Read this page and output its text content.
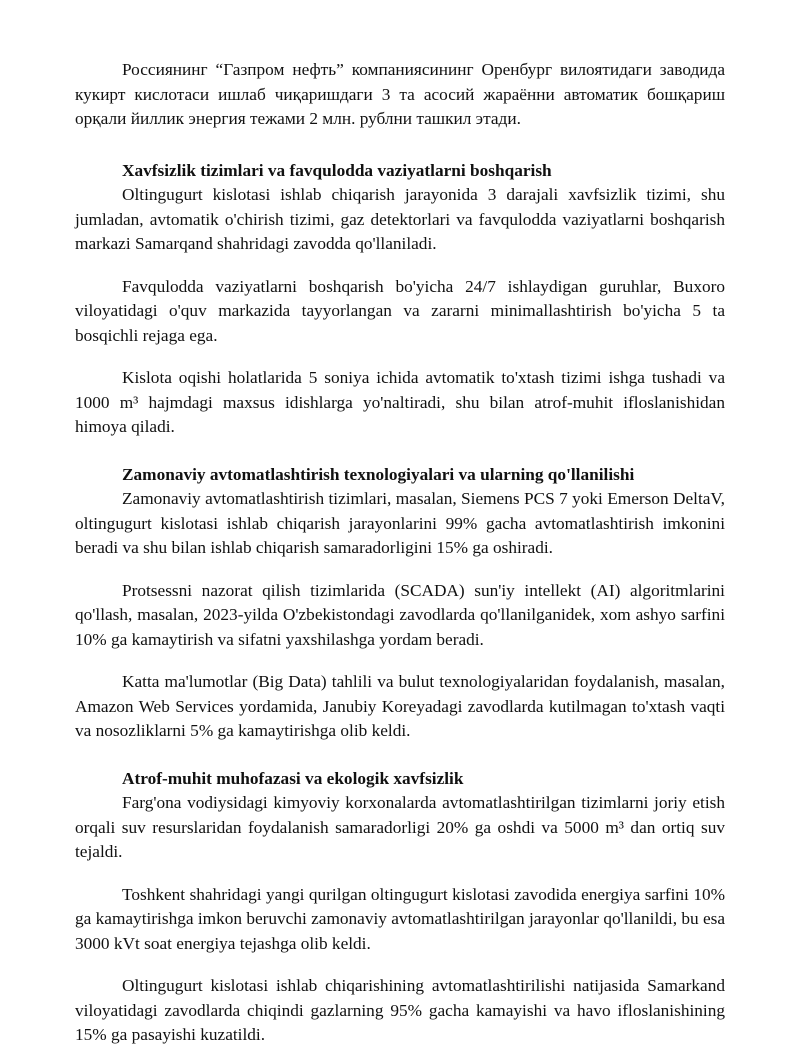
Россиянинг “Газпром нефть” компаниясининг Оренбург вилоятидаги заводида кукирт кислотаси ишлаб чиқаришдаги 3 та асосий жараённи автоматик бошқариш орқали йиллик энергия тежами 2 млн. рублни ташкил этади.

Xavfsizlik tizimlari va favqulodda vaziyatlarni boshqarish

Oltingugurt kislotasi ishlab chiqarish jarayonida 3 darajali xavfsizlik tizimi, shu jumladan, avtomatik o'chirish tizimi, gaz detektorlari va favqulodda vaziyatlarni boshqarish markazi Samarqand shahridagi zavodda qo'llaniladi.

Favqulodda vaziyatlarni boshqarish bo'yicha 24/7 ishlaydigan guruhlar, Buxoro viloyatidagi o'quv markazida tayyorlangan va zararni minimallashtirish bo'yicha 5 ta bosqichli rejaga ega.

Kislota oqishi holatlarida 5 soniya ichida avtomatik to'xtash tizimi ishga tushadi va 1000 m³ hajmdagi maxsus idishlarga yo'naltiradi, shu bilan atrof-muhit ifloslanishidan himoya qiladi.

Zamonaviy avtomatlashtirish texnologiyalari va ularning qo'llanilishi

Zamonaviy avtomatlashtirish tizimlari, masalan, Siemens PCS 7 yoki Emerson DeltaV, oltingugurt kislotasi ishlab chiqarish jarayonlarini 99% gacha avtomatlashtirish imkonini beradi va shu bilan ishlab chiqarish samaradorligini 15% ga oshiradi.

Protsessni nazorat qilish tizimlarida (SCADA) sun'iy intellekt (AI) algoritmlarini qo'llash, masalan, 2023-yilda O'zbekistondagi zavodlarda qo'llanilganidek, xom ashyo sarfini 10% ga kamaytirish va sifatni yaxshilashga yordam beradi.

Katta ma'lumotlar (Big Data) tahlili va bulut texnologiyalaridan foydalanish, masalan, Amazon Web Services yordamida, Janubiy Koreyadagi zavodlarda kutilmagan to'xtash vaqti va nosozliklarni 5% ga kamaytirishga olib keldi.

Atrof-muhit muhofazasi va ekologik xavfsizlik

Farg'ona vodiysidagi kimyoviy korxonalarda avtomatlashtirilgan tizimlarni joriy etish orqali suv resurslaridan foydalanish samaradorligi 20% ga oshdi va 5000 m³ dan ortiq suv tejaldi.

Toshkent shahridagi yangi qurilgan oltingugurt kislotasi zavodida energiya sarfini 10% ga kamaytirishga imkon beruvchi zamonaviy avtomatlashtirilgan jarayonlar qo'llanildi, bu esa 3000 kVt soat energiya tejashga olib keldi.

Oltingugurt kislotasi ishlab chiqarishining avtomatlashtirilishi natijasida Samarkand viloyatidagi zavodlarda chiqindi gazlarning 95% gacha kamayishi va havo ifloslanishining 15% ga pasayishi kuzatildi.
